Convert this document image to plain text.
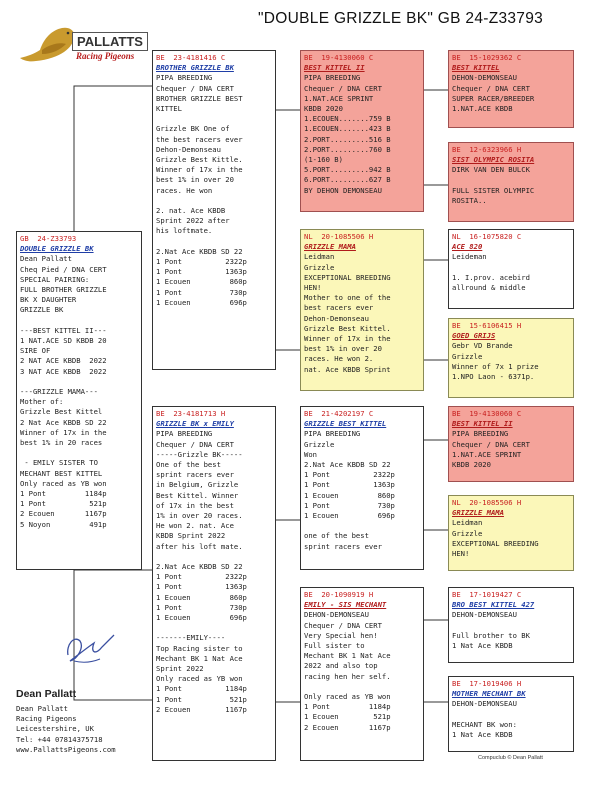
"DOUBLE GRIZZLE BK" GB 24-Z33793
PALLATTS
Racing Pigeons
GB 24-Z33793
DOUBLE GRIZZLE BK
Dean Pallatt
Cheq Pied / DNA CERT
SPECIAL PAIRING:
FULL BROTHER GRIZZLE
BK X DAUGHTER
GRIZZLE BK
---BEST KITTEL II---
1 NAT.ACE SD KBDB 20
SIRE OF
2 NAT ACE KBDB  2022
3 NAT ACE KBDB  2022
---GRIZZLE MAMA---
Mother of:
Grizzle Best Kittel
2 Nat Ace KBDB SD 22
Winner of 17x in the
best 1% in 20 races
- EMILY SISTER TO
MECHANT BEST KITTEL
Only raced as YB won
1 Pont         1184p
1 Pont          521p
2 Ecouen       1167p
5 Noyon         491p
BE 23-4181416 C
BROTHER GRIZZLE BK
PIPA BREEDING
Chequer / DNA CERT
BROTHER GRIZZLE BEST
KITTEL
Grizzle BK One of
the best racers ever
Dehon-Demonseau
Grizzle Best Kittle.
Winner of 17x in the
best 1% in over 20
races. He won
2. nat. Ace KBDB
Sprint 2022 after
his loftmate.
2.Nat Ace KBDB SD 22
1 Pont          2322p
1 Pont          1363p
1 Ecouen         860p
1 Pont           730p
1 Ecouen         696p
BE 23-4181713 H
GRIZZLE BK x EMILY
PIPA BREEDING
Chequer / DNA CERT
-----Grizzle BK-----
One of the best
sprint racers ever
in Belgium, Grizzle
Best Kittel. Winner
of 17x in the best
1% in over 20 races.
He won 2. nat. Ace
KBDB Sprint 2022
after his loft mate.
2.Nat Ace KBDB SD 22
1 Pont          2322p
1 Pont          1363p
1 Ecouen         860p
1 Pont           730p
1 Ecouen         696p
-------EMILY----
Top Racing sister to
Mechant BK 1 Nat Ace
Sprint 2022
Only raced as YB won
1 Pont          1184p
1 Pont           521p
2 Ecouen        1167p
BE 19-4130060 C
BEST KITTEL II
PIPA BREEDING
Chequer / DNA CERT
1.NAT.ACE SPRINT
KBDB 2020
1.ECOUEN.......759 B
1.ECOUEN.......423 B
2.PORT.........516 B
2.PORT.........760 B
(1-160 B)
5.PORT.........942 B
6.PORT.........627 B
BY DEHON DEMONSEAU
NL 20-1085506 H
GRIZZLE MAMA
Leidman
Grizzle
EXCEPTIONAL BREEDING
HEN!
Mother to one of the
best racers ever
Dehon-Demonseau
Grizzle Best Kittel.
Winner of 17x in the
best 1% in over 20
races. He won 2.
nat. Ace KBDB Sprint
BE 21-4202197 C
GRIZZLE BEST KITTEL
PIPA BREEDING
Grizzle
Won
2.Nat Ace KBDB SD 22
1 Pont          2322p
1 Pont          1363p
1 Ecouen         860p
1 Pont           730p
1 Ecouen         696p
one of the best
sprint racers ever
BE 20-1090919 H
EMILY - SIS MECHANT
DEHON-DEMONSEAU
Chequer / DNA CERT
Very Special hen!
Full sister to
Mechant BK 1 Nat Ace
2022 and also top
racing hen her self.
Only raced as YB won
1 Pont         1184p
1 Ecouen        521p
2 Ecouen       1167p
BE 15-1029362 C
BEST KITTEL
DEHON-DEMONSEAU
Chequer / DNA CERT
SUPER RACER/BREEDER
1.NAT.ACE KBDB
BE 12-6323966 H
SIST OLYMPIC ROSITA
DIRK VAN DEN BULCK
FULL SISTER OLYMPIC
ROSITA..
NL 16-1075820 C
ACE 820
Leideman
1. I.prov. acebird
allround & middle
BE 15-6106415 H
GOED GRIJS
Gebr VD Brande
Grizzle
Winner of 7x 1 prize
1.NPO Laon - 6371p.
BE 19-4130060 C
BEST KITTEL II
PIPA BREEDING
Chequer / DNA CERT
1.NAT.ACE SPRINT
KBDB 2020
NL 20-1085506 H
GRIZZLE MAMA
Leidman
Grizzle
EXCEPTIONAL BREEDING
HEN!
BE 17-1019427 C
BRO BEST KITTEL 427
DEHON-DEMONSEAU
Full brother to BK
1 Nat Ace KBDB
BE 17-1019406 H
MOTHER MECHANT BK
DEHON-DEMONSEAU
MECHANT BK won:
1 Nat Ace KBDB
Dean Pallatt
Dean Pallatt
Racing Pigeons
Leicestershire, UK
Tel: +44 07814375718
www.PallattsPigeons.com
Compuclub © Dean Pallatt
